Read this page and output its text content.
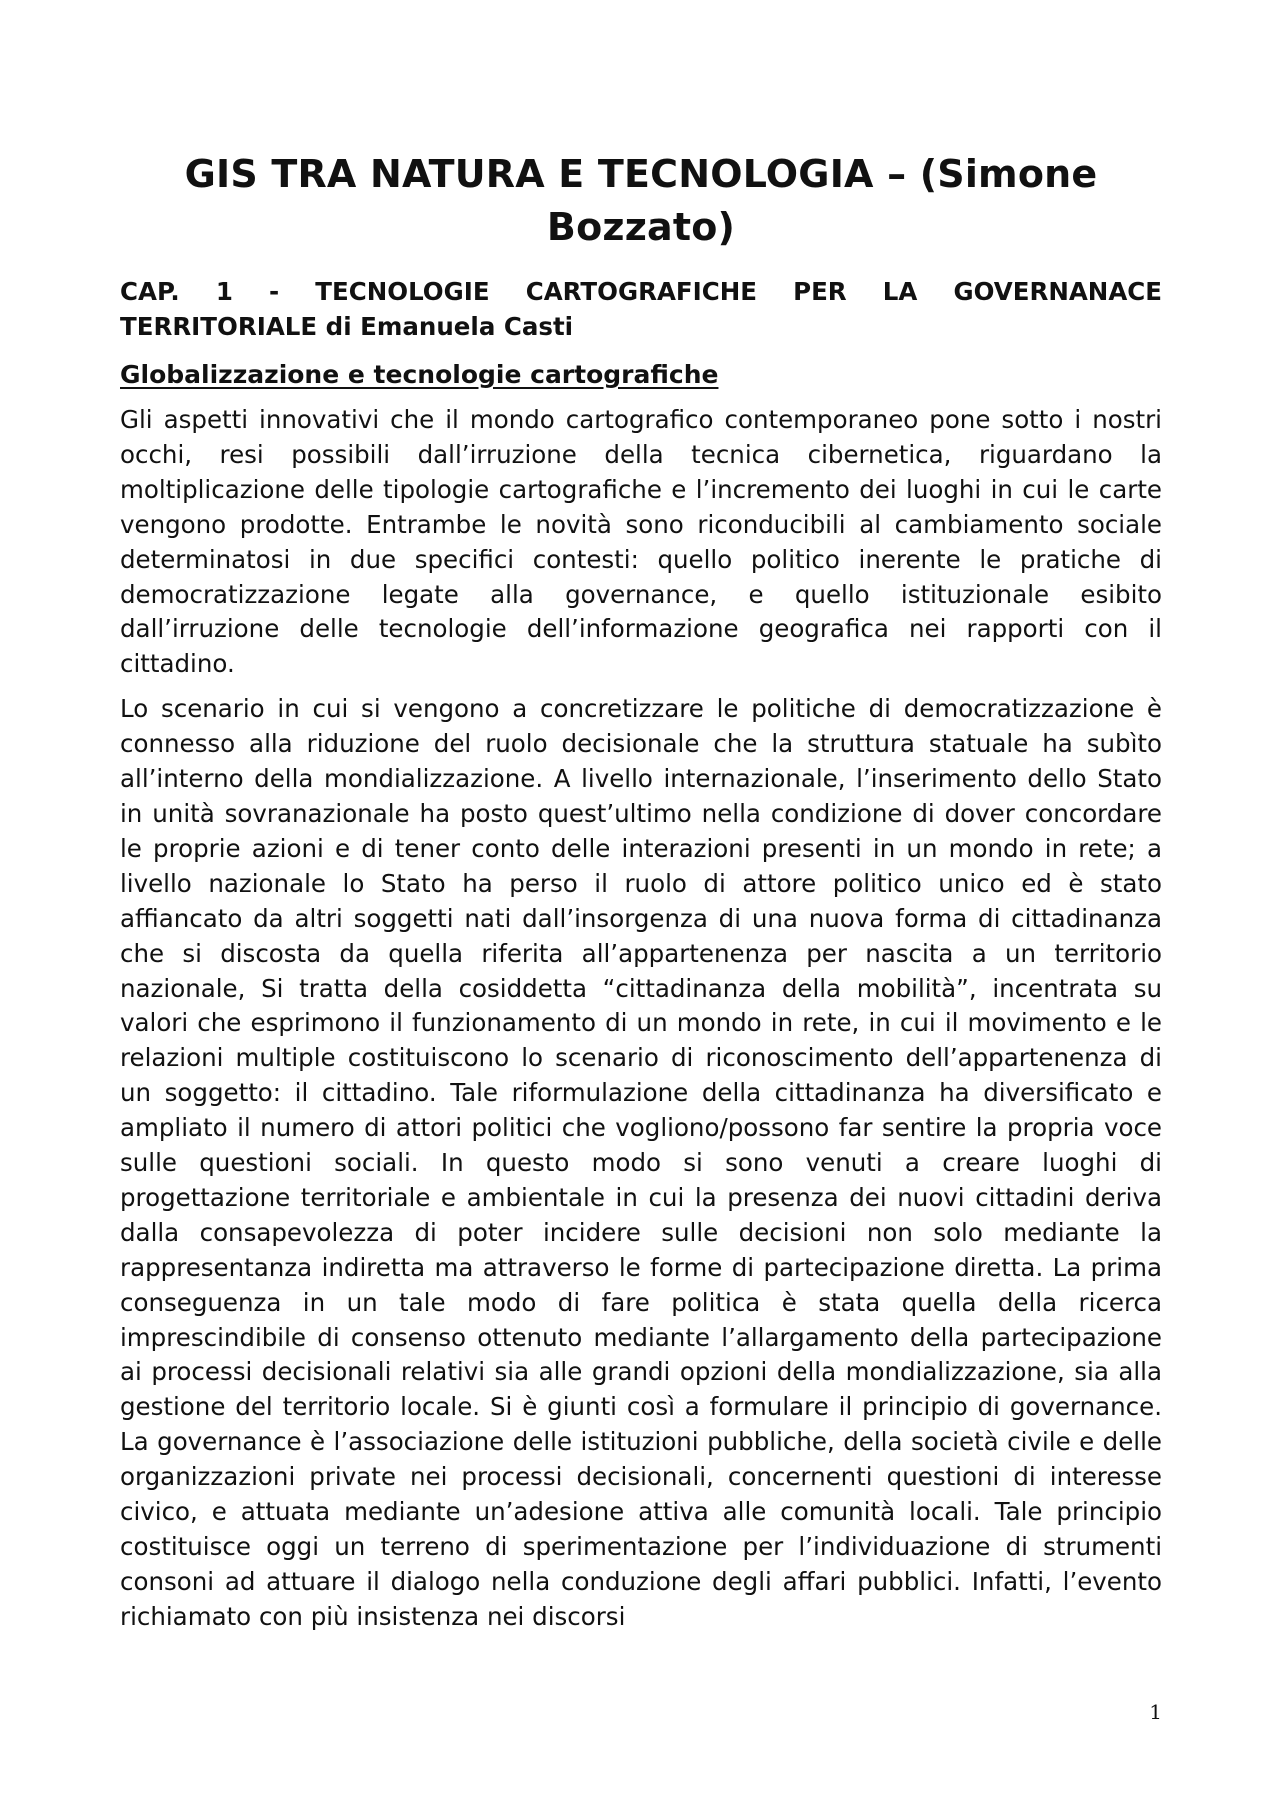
GIS TRA NATURA E TECNOLOGIA – (Simone Bozzato)
CAP. 1 - TECNOLOGIE CARTOGRAFICHE PER LA GOVERNANACE TERRITORIALE di Emanuela Casti
Globalizzazione e tecnologie cartografiche

Gli aspetti innovativi che il mondo cartografico contemporaneo pone sotto i nostri occhi, resi possibili dall’irruzione della tecnica cibernetica, riguardano la moltiplicazione delle tipologie cartografiche e l’incremento dei luoghi in cui le carte vengono prodotte. Entrambe le novità sono riconducibili al cambiamento sociale determinatosi in due specifici contesti: quello politico inerente le pratiche di democratizzazione legate alla governance, e quello istituzionale esibito dall’irruzione delle tecnologie dell’informazione geografica nei rapporti con il cittadino.

Lo scenario in cui si vengono a concretizzare le politiche di democratizzazione è connesso alla riduzione del ruolo decisionale che la struttura statuale ha subìto all’interno della mondializzazione. A livello internazionale, l’inserimento dello Stato in unità sovranazionale ha posto quest’ultimo nella condizione di dover concordare le proprie azioni e di tener conto delle interazioni presenti in un mondo in rete; a livello nazionale lo Stato ha perso il ruolo di attore politico unico ed è stato affiancato da altri soggetti nati dall’insorgenza di una nuova forma di cittadinanza che si discosta da quella riferita all’appartenenza per nascita a un territorio nazionale, Si tratta della cosiddetta “cittadinanza della mobilità”, incentrata su valori che esprimono il funzionamento di un mondo in rete, in cui il movimento e le relazioni multiple costituiscono lo scenario di riconoscimento dell’appartenenza di un soggetto: il cittadino. Tale riformulazione della cittadinanza ha diversificato e ampliato il numero di attori politici che vogliono/possono far sentire la propria voce sulle questioni sociali. In questo modo si sono venuti a creare luoghi di progettazione territoriale e ambientale in cui la presenza dei nuovi cittadini deriva dalla consapevolezza di poter incidere sulle decisioni non solo mediante la rappresentanza indiretta ma attraverso le forme di partecipazione diretta. La prima conseguenza in un tale modo di fare politica è stata quella della ricerca imprescindibile di consenso ottenuto mediante l’allargamento della partecipazione ai processi decisionali relativi sia alle grandi opzioni della mondializzazione, sia alla gestione del territorio locale. Si è giunti così a formulare il principio di governance. La governance è l’associazione delle istituzioni pubbliche, della società civile e delle organizzazioni private nei processi decisionali, concernenti questioni di interesse civico, e attuata mediante un’adesione attiva alle comunità locali. Tale principio costituisce oggi un terreno di sperimentazione per l’individuazione di strumenti consoni ad attuare il dialogo nella conduzione degli affari pubblici. Infatti, l’evento richiamato con più insistenza nei discorsi

1
